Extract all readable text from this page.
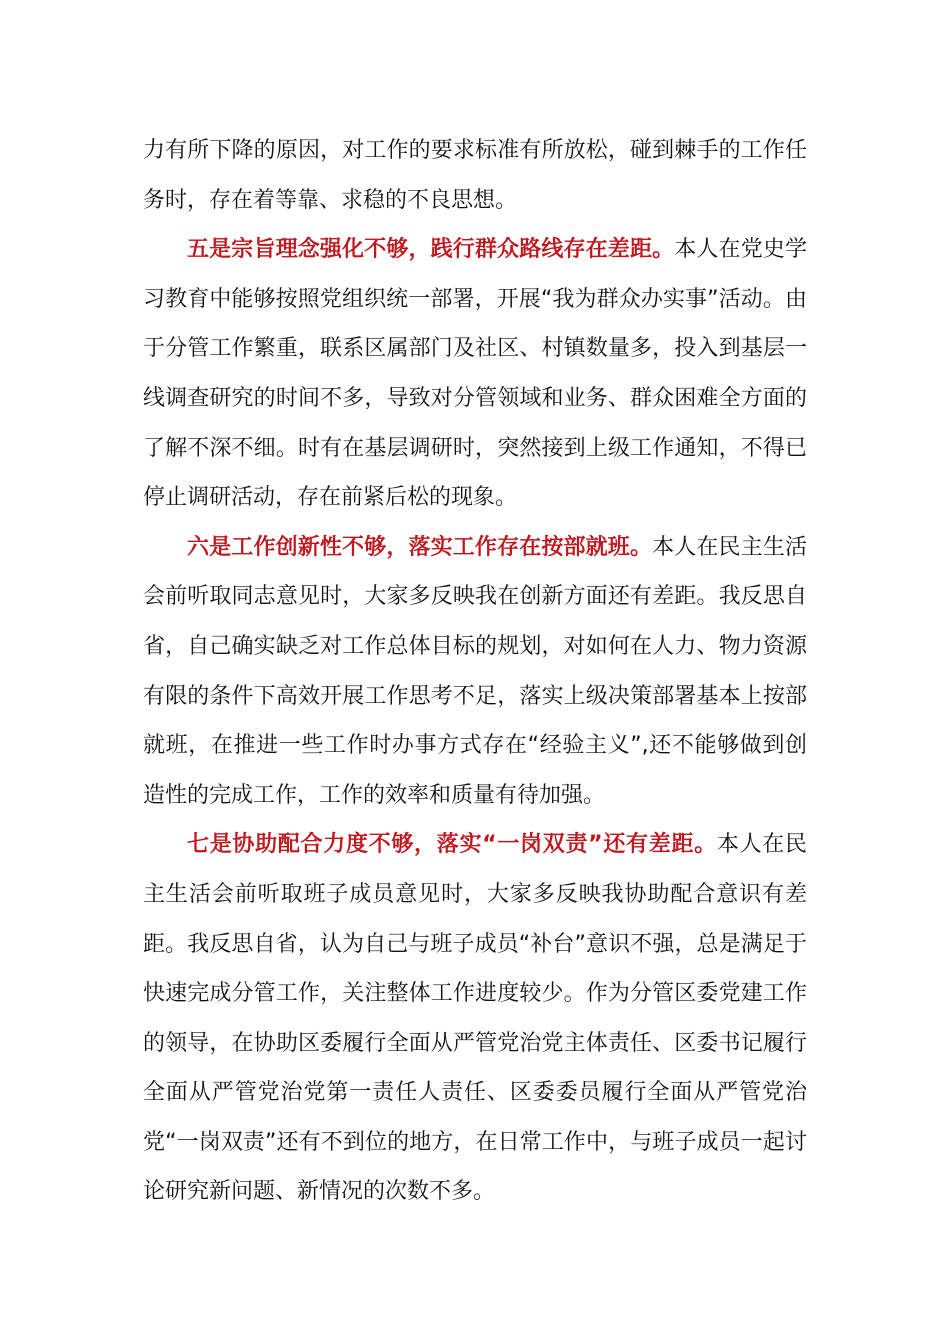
力有所下降的原因，对工作的要求标准有所放松，碰到棘手的工作任务时，存在着等靠、求稳的不良思想。

五是宗旨理念强化不够，践行群众路线存在差距。本人在党史学习教育中能够按照党组织统一部署，开展“我为群众办实事”活动。由于分管工作繁重，联系区属部门及社区、村镇数量多，投入到基层一线调查研究的时间不多，导致对分管领域和业务、群众困难全方面的了解不深不细。时有在基层调研时，突然接到上级工作通知，不得已停止调研活动，存在前紧后松的现象。

六是工作创新性不够，落实工作存在按部就班。本人在民主生活会前听取同志意见时，大家多反映我在创新方面还有差距。我反思自省，自己确实缺乏对工作总体目标的规划，对如何在人力、物力资源有限的条件下高效开展工作思考不足，落实上级决策部署基本上按部就班，在推进一些工作时办事方式存在“经验主义”,还不能够做到创造性的完成工作，工作的效率和质量有待加强。

七是协助配合力度不够，落实“一岗双责”还有差距。本人在民主生活会前听取班子成员意见时，大家多反映我协助配合意识有差距。我反思自省，认为自己与班子成员“补台”意识不强，总是满足于快速完成分管工作，关注整体工作进度较少。作为分管区委党建工作的领导，在协助区委履行全面从严管党治党主体责任、区委书记履行全面从严管党治党第一责任人责任、区委委员履行全面从严管党治党“一岗双责”还有不到位的地方，在日常工作中，与班子成员一起讨论研究新问题、新情况的次数不多。
